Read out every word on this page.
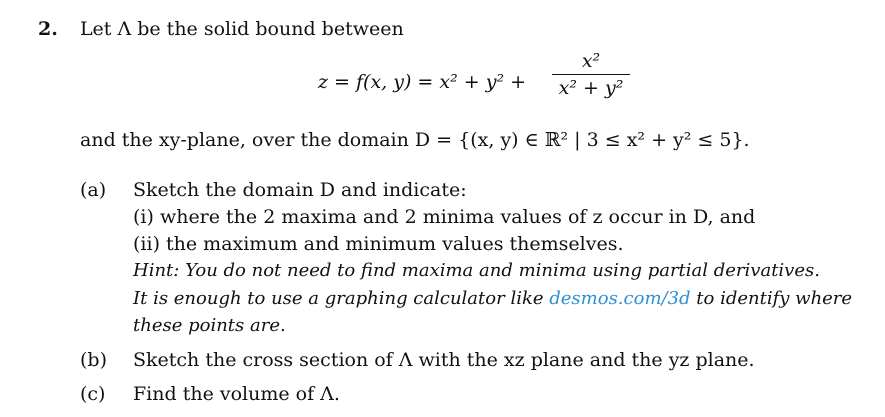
2. Let Λ be the solid bound between
z = f(x, y) = x² + y² +
x²
x² + y²
and the xy-plane, over the domain D = {(x, y) ∈ ℝ² | 3 ≤ x² + y² ≤ 5}.
(a) Sketch the domain D and indicate:
(i) where the 2 maxima and 2 minima values of z occur in D, and
(ii) the maximum and minimum values themselves.
Hint: You do not need to find maxima and minima using partial derivatives.
It is enough to use a graphing calculator like desmos.com/3d to identify where
these points are.
(b) Sketch the cross section of Λ with the xz plane and the yz plane.
(c) Find the volume of Λ.
